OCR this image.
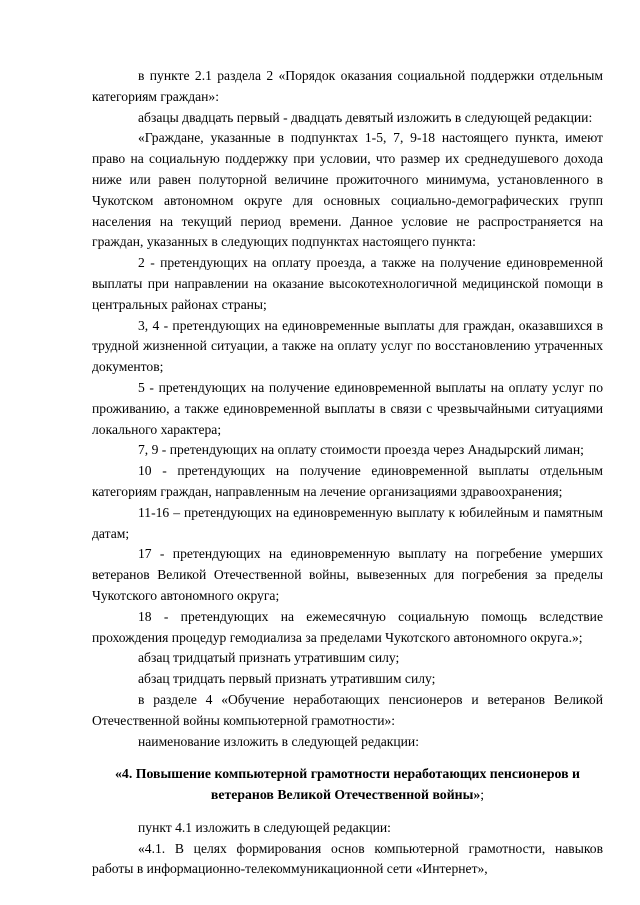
в пункте 2.1 раздела 2 «Порядок оказания социальной поддержки отдельным категориям граждан»:

абзацы двадцать первый - двадцать девятый изложить в следующей редакции:

«Граждане, указанные в подпунктах 1-5, 7, 9-18 настоящего пункта, имеют право на социальную поддержку при условии, что размер их среднедушевого дохода ниже или равен полуторной величине прожиточного минимума, установленного в Чукотском автономном округе для основных социально-демографических групп населения на текущий период времени. Данное условие не распространяется на граждан, указанных в следующих подпунктах настоящего пункта:

2 - претендующих на оплату проезда, а также на получение единовременной выплаты при направлении на оказание высокотехнологичной медицинской помощи в центральных районах страны;

3, 4 - претендующих на единовременные выплаты для граждан, оказавшихся в трудной жизненной ситуации, а также на оплату услуг по восстановлению утраченных документов;

5 - претендующих на получение единовременной выплаты на оплату услуг по проживанию, а также единовременной выплаты в связи с чрезвычайными ситуациями локального характера;

7, 9 - претендующих на оплату стоимости проезда через Анадырский лиман;

10 - претендующих на получение единовременной выплаты отдельным категориям граждан, направленным на лечение организациями здравоохранения;

11-16 – претендующих на единовременную выплату к юбилейным и памятным датам;

17 - претендующих на единовременную выплату на погребение умерших ветеранов Великой Отечественной войны, вывезенных для погребения за пределы Чукотского автономного округа;

18 - претендующих на ежемесячную социальную помощь вследствие прохождения процедур гемодиализа за пределами Чукотского автономного округа.»;

абзац тридцатый признать утратившим силу;

абзац тридцать первый признать утратившим силу;

в разделе 4 «Обучение неработающих пенсионеров и ветеранов Великой Отечественной войны компьютерной грамотности»:

наименование изложить в следующей редакции:

«4. Повышение компьютерной грамотности неработающих пенсионеров и ветеранов Великой Отечественной войны»;

пункт 4.1 изложить в следующей редакции:

«4.1. В целях формирования основ компьютерной грамотности, навыков работы в информационно-телекоммуникационной сети «Интернет»,
